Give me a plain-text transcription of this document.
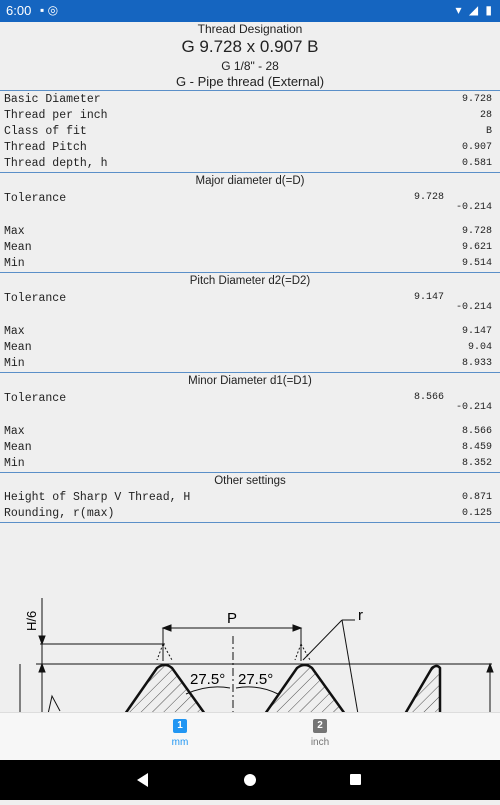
6:00 ▪ ◎	▾ ◢ ▮
Thread Designation
G 9.728 x 0.907 B
G 1/8" - 28
G - Pipe thread (External)
Basic Diameter	9.728
Thread per inch	28
Class of fit	B
Thread Pitch	0.907
Thread depth, h	0.581
Major diameter d(=D)
Tolerance	9.728
-0.214
Max	9.728
Mean	9.621
Min	9.514
Pitch Diameter d2(=D2)
Tolerance	9.147
-0.214
Max	9.147
Mean	9.04
Min	8.933
Minor Diameter d1(=D1)
Tolerance	8.566
-0.214
Max	8.566
Mean	8.459
Min	8.352
Other settings
Height of Sharp V Thread, H	0.871
Rounding, r(max)	0.125
H/6	P	r
27.5° 27.5°
1
mm
2
inch
